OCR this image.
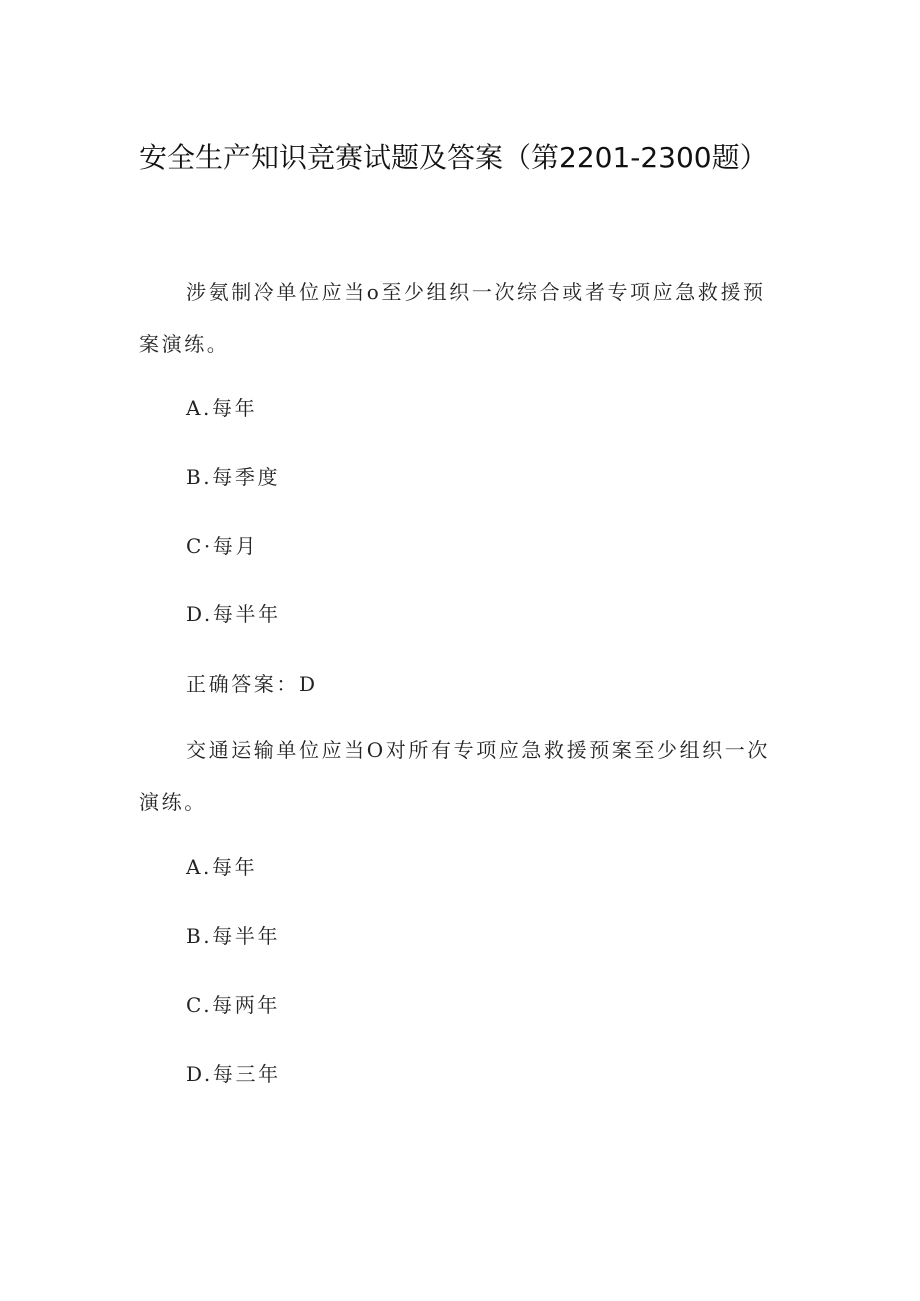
安全生产知识竞赛试题及答案（第2201-2300题）
涉氨制冷单位应当o至少组织一次综合或者专项应急救援预案演练。
A.每年
B.每季度
C·每月
D.每半年
正确答案：D
交通运输单位应当O对所有专项应急救援预案至少组织一次演练。
A.每年
B.每半年
C.每两年
D.每三年
